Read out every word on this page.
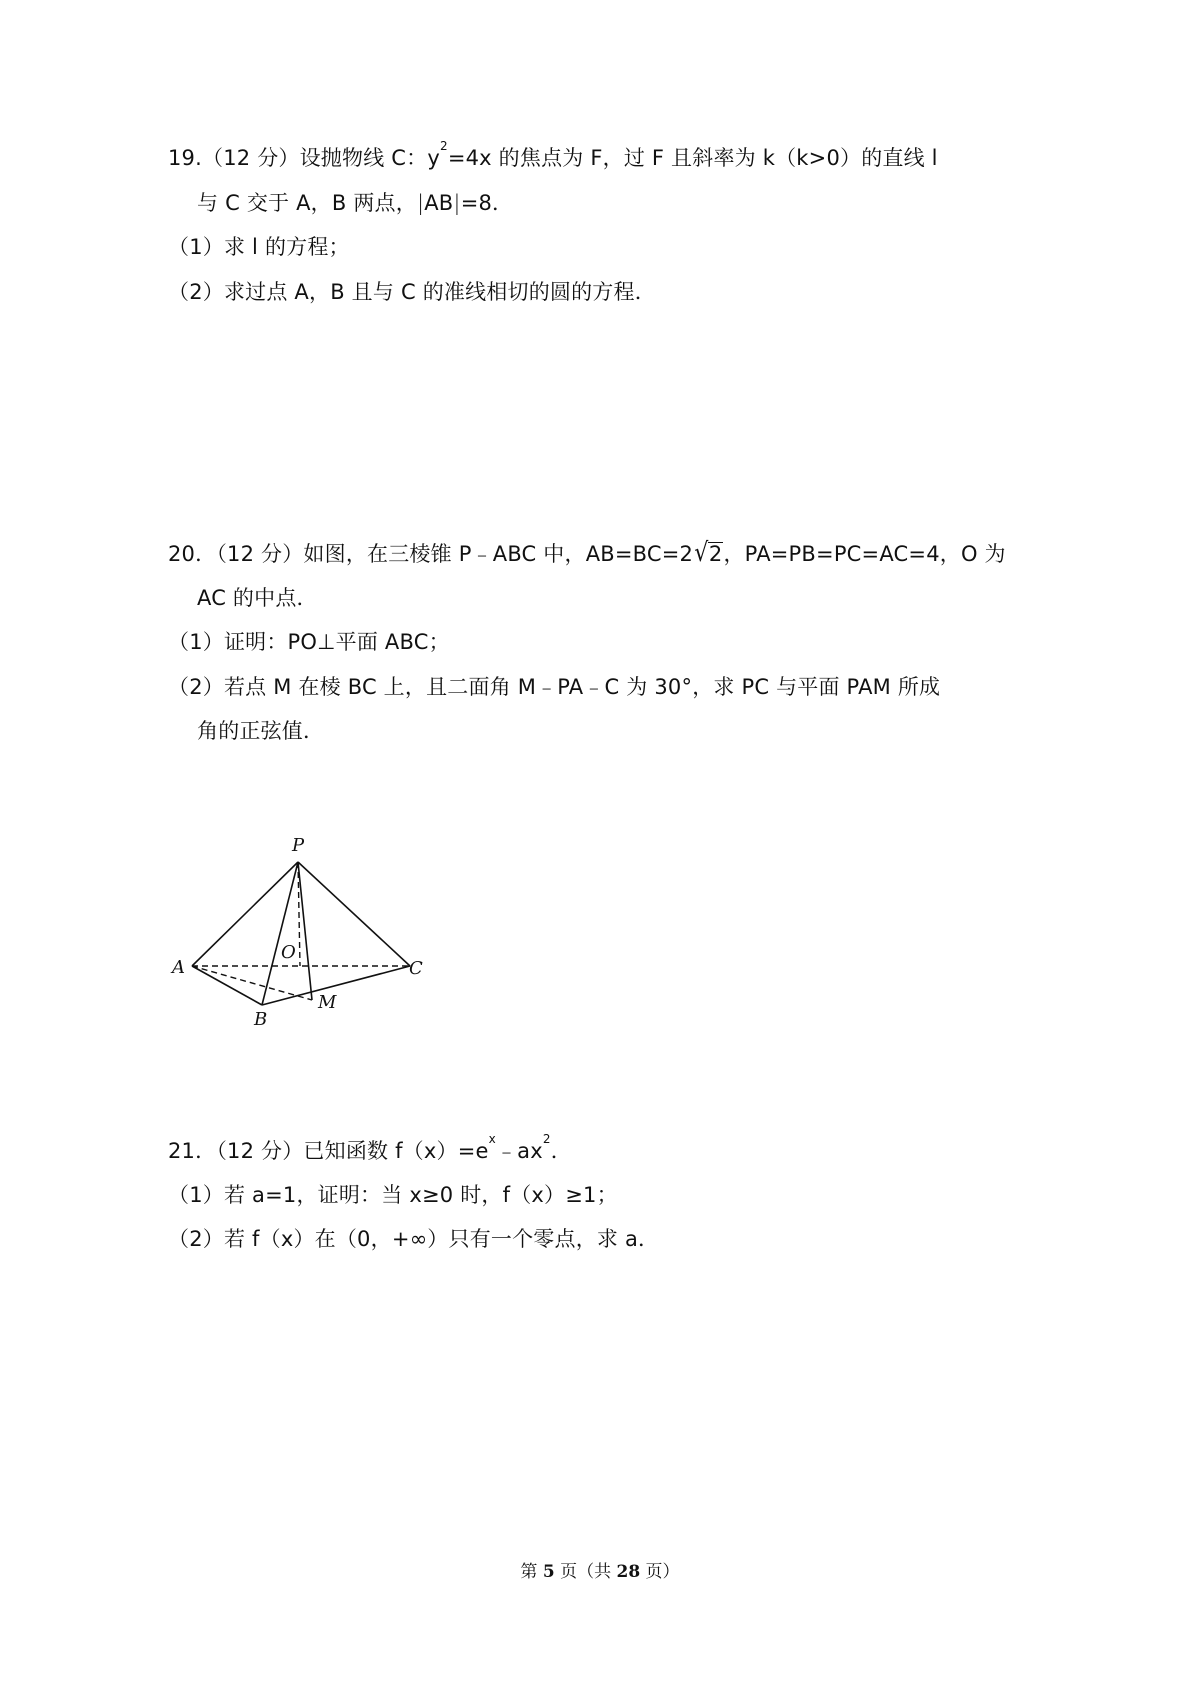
19.（12 分）设抛物线 C：$y^2=4x$ 的焦点为 F，过 F 且斜率为 k（k>0）的直线 l
与 C 交于 A，B 两点，|AB|=8．
（1）求 l 的方程；
（2）求过点 A，B 且与 C 的准线相切的圆的方程．
20．（12 分）如图，在三棱锥 P﹣ABC 中，AB=BC=2√2，PA=PB=PC=AC=4，O 为
AC 的中点．
（1）证明：PO⊥平面 ABC；
（2）若点 M 在棱 BC 上，且二面角 M﹣PA﹣C 为 30°，求 PC 与平面 PAM 所成
角的正弦值．
P
A
B
C
O
M
21．（12 分）已知函数 $f(x)=e^x﹣ax^2$．
（1）若 a=1，证明：当 x≥0 时，f（x）≥1；
（2）若 f（x）在（0，+∞）只有一个零点，求 a．
第 5 页（共 28 页）
